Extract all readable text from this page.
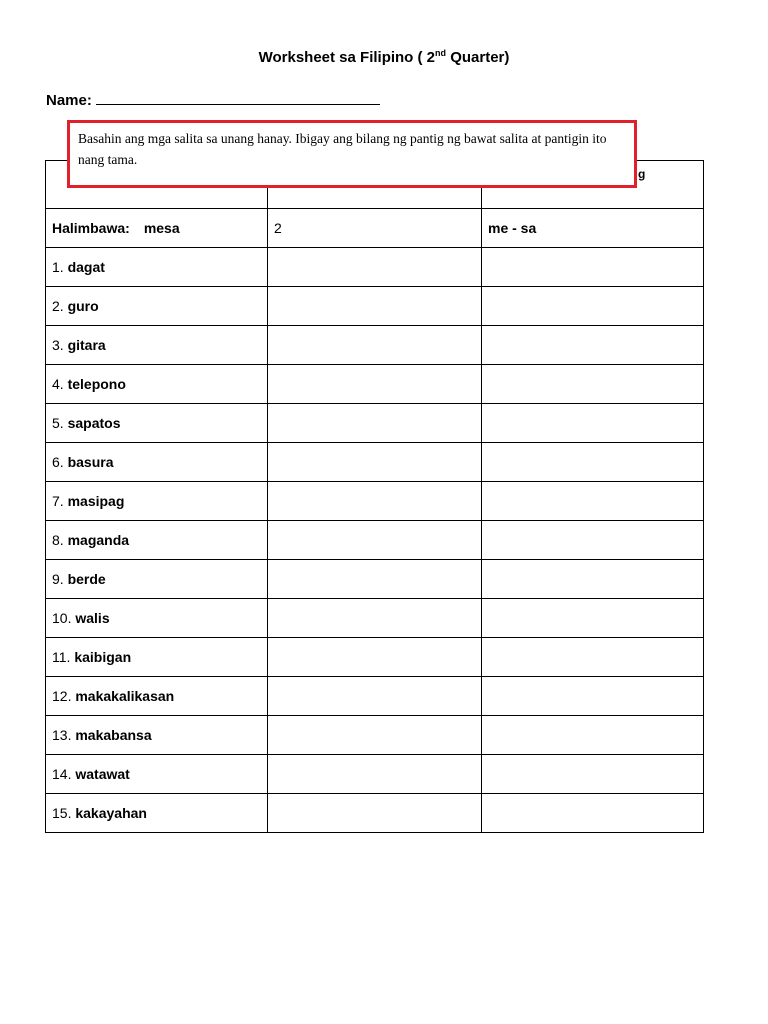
Worksheet sa Filipino ( 2nd Quarter)
Name:

Halimbawa: mesa	2	me - sa
1. dagat		
2. guro		
3. gitara		
4. telepono		
5. sapatos		
6. basura		
7. masipag		
8. maganda		
9. berde		
10. walis		
11. kaibigan		
12. makakalikasan		
13. makabansa		
14. watawat		
15. kakayahan		
g
Basahin ang mga salita sa unang hanay. Ibigay ang bilang ng pantig ng bawat salita at pantigin ito nang tama.
